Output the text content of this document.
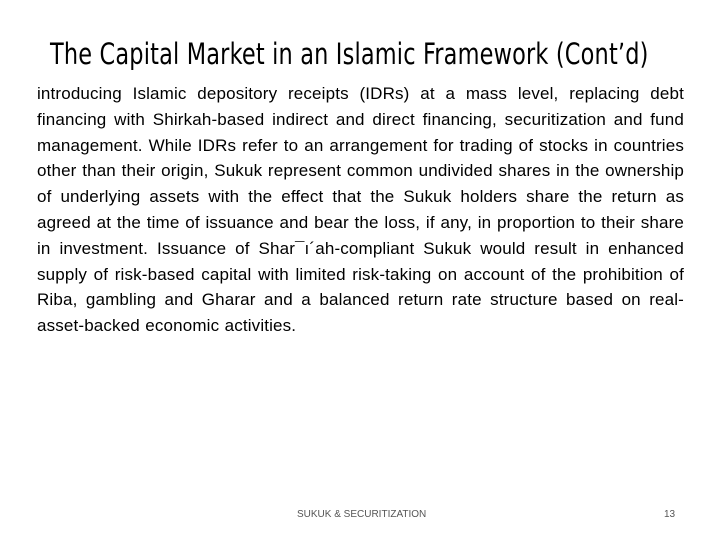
The Capital Market in an Islamic Framework (Cont’d)
introducing Islamic depository receipts (IDRs) at a mass level, replacing debt financing with Shirkah-based indirect and direct financing, securitization and fund management. While IDRs refer to an arrangement for trading of stocks in countries other than their origin, Sukuk represent common undivided shares in the ownership of underlying assets with the effect that the Sukuk holders share the return as agreed at the time of issuance and bear the loss, if any, in proportion to their share in investment. Issuance of Shar¯ı´ah-compliant Sukuk would result in enhanced supply of risk-based capital with limited risk-taking on account of the prohibition of Riba, gambling and Gharar and a balanced return rate structure based on real-asset-backed economic activities.
SUKUK & SECURITIZATION	13
